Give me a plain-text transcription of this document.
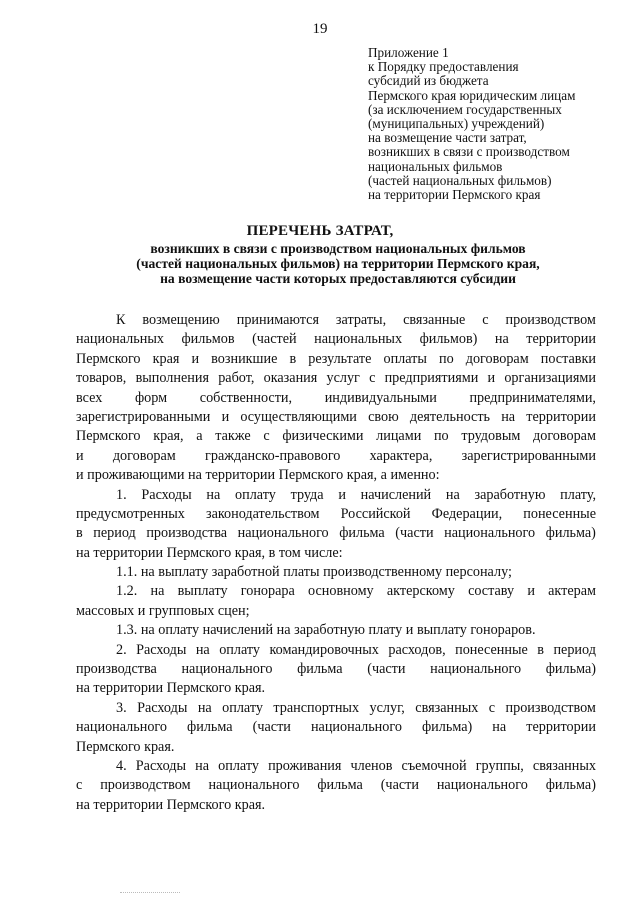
19
Приложение 1
к Порядку предоставления
субсидий из бюджета
Пермского края юридическим лицам
(за исключением государственных
(муниципальных) учреждений)
на возмещение части затрат,
возникших в связи с производством
национальных фильмов
(частей национальных фильмов)
на территории Пермского края
ПЕРЕЧЕНЬ ЗАТРАТ,
возникших в связи с производством национальных фильмов
(частей национальных фильмов) на территории Пермского края,
на возмещение части которых предоставляются субсидии
К возмещению принимаются затраты, связанные с производством
национальных фильмов (частей национальных фильмов) на территории
Пермского края и возникшие в результате оплаты по договорам поставки
товаров, выполнения работ, оказания услуг с предприятиями и организациями
всех форм собственности, индивидуальными предпринимателями,
зарегистрированными и осуществляющими свою деятельность на территории
Пермского края, а также с физическими лицами по трудовым договорам
и договорам гражданско-правового характера, зарегистрированными
и проживающими на территории Пермского края, а именно:
1. Расходы на оплату труда и начислений на заработную плату,
предусмотренных законодательством Российской Федерации, понесенные
в период производства национального фильма (части национального фильма)
на территории Пермского края, в том числе:
1.1. на выплату заработной платы производственному персоналу;
1.2. на выплату гонорара основному актерскому составу и актерам
массовых и групповых сцен;
1.3. на оплату начислений на заработную плату и выплату гонораров.
2. Расходы на оплату командировочных расходов, понесенные в период
производства национального фильма (части национального фильма)
на территории Пермского края.
3. Расходы на оплату транспортных услуг, связанных с производством
национального фильма (части национального фильма) на территории
Пермского края.
4. Расходы на оплату проживания членов съемочной группы, связанных
с производством национального фильма (части национального фильма)
на территории Пермского края.
